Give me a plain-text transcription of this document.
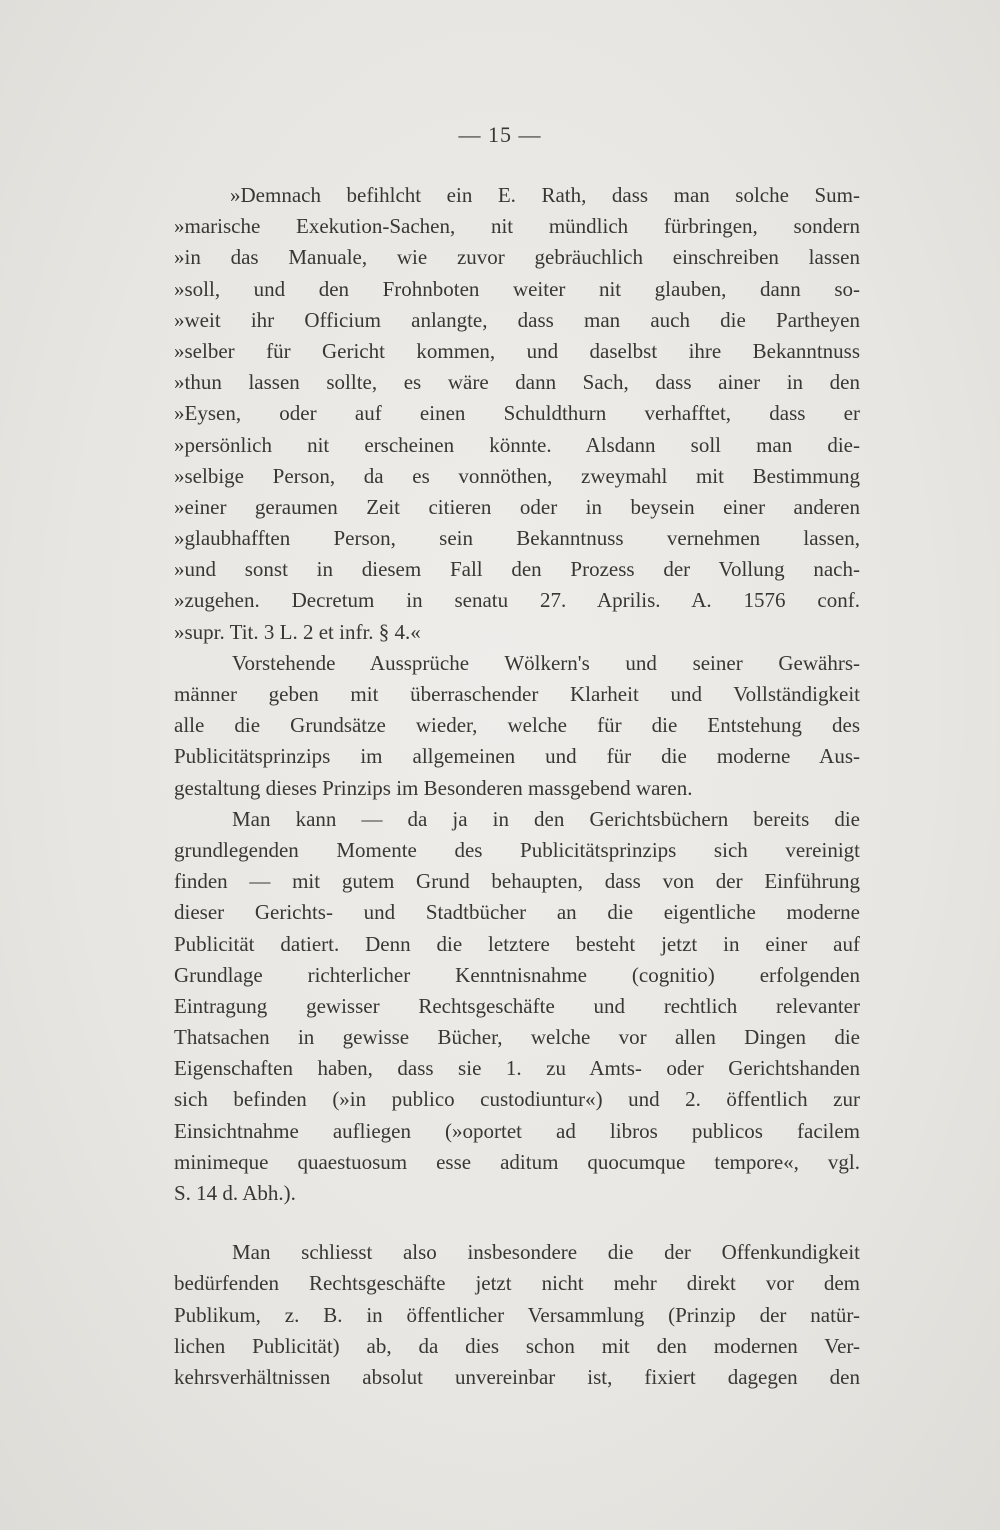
— 15 —
»Demnach befihlcht ein E. Rath, dass man solche Sum-
»marische Exekution-Sachen, nit mündlich fürbringen, sondern
»in das Manuale, wie zuvor gebräuchlich einschreiben lassen
»soll, und den Frohnboten weiter nit glauben, dann so-
»weit ihr Officium anlangte, dass man auch die Partheyen
»selber für Gericht kommen, und daselbst ihre Bekanntnuss
»thun lassen sollte, es wäre dann Sach, dass ainer in den
»Eysen, oder auf einen Schuldthurn verhafftet, dass er
»persönlich nit erscheinen könnte. Alsdann soll man die-
»selbige Person, da es vonnöthen, zweymahl mit Bestimmung
»einer geraumen Zeit citieren oder in beysein einer anderen
»glaubhafften Person, sein Bekanntnuss vernehmen lassen,
»und sonst in diesem Fall den Prozess der Vollung nach-
»zugehen. Decretum in senatu 27. Aprilis. A. 1576 conf.
»supr. Tit. 3 L. 2 et infr. § 4.«
Vorstehende Aussprüche Wölkern's und seiner Gewährs-
männer geben mit überraschender Klarheit und Vollständigkeit
alle die Grundsätze wieder, welche für die Entstehung des
Publicitätsprinzips im allgemeinen und für die moderne Aus-
gestaltung dieses Prinzips im Besonderen massgebend waren.
Man kann — da ja in den Gerichtsbüchern bereits die
grundlegenden Momente des Publicitätsprinzips sich vereinigt
finden — mit gutem Grund behaupten, dass von der Einführung
dieser Gerichts- und Stadtbücher an die eigentliche moderne
Publicität datiert. Denn die letztere besteht jetzt in einer auf
Grundlage richterlicher Kenntnisnahme (cognitio) erfolgenden
Eintragung gewisser Rechtsgeschäfte und rechtlich relevanter
Thatsachen in gewisse Bücher, welche vor allen Dingen die
Eigenschaften haben, dass sie 1. zu Amts- oder Gerichtshanden
sich befinden (»in publico custodiuntur«) und 2. öffentlich zur
Einsichtnahme aufliegen (»oportet ad libros publicos facilem
minimeque quaestuosum esse aditum quocumque tempore«, vgl.
S. 14 d. Abh.).
Man schliesst also insbesondere die der Offenkundigkeit
bedürfenden Rechtsgeschäfte jetzt nicht mehr direkt vor dem
Publikum, z. B. in öffentlicher Versammlung (Prinzip der natür-
lichen Publicität) ab, da dies schon mit den modernen Ver-
kehrsverhältnissen absolut unvereinbar ist, fixiert dagegen den
